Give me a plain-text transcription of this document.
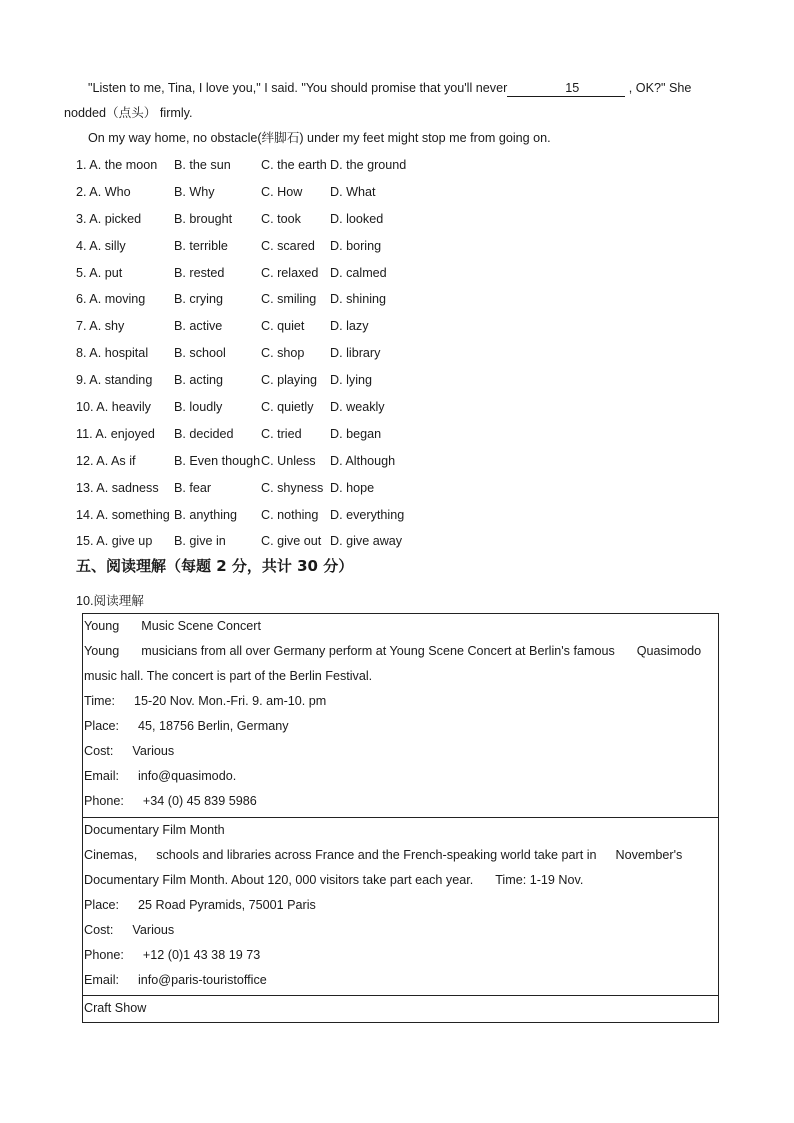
"Listen to me, Tina, I love you," I said. "You should promise that you'll never	15	, OK?" She
nodded（点头） firmly.
On my way home, no obstacle(绊脚石) under my feet might stop me from going on.
1. A. the moon B. the sun C. the earth D. the ground
2. A. Who	B. Why	C. How D. What
3. A. picked	B. brought C. took D. looked
4. A. silly	B. terrible	C. scared D. boring
5. A. put	B. rested	C. relaxed D. calmed
6. A. moving B. crying	C. smiling D. shining
7. A. shy	B. active	C. quiet D. lazy
8. A. hospital B. school	C. shop D. library
9. A. standing B. acting	C. playing D. lying
10. A. heavily B. loudly	C. quietly D. weakly
11. A. enjoyed B. decided C. tried D. began
12. A. As if	B. Even though C. Unless D. Although
13. A. sadness B. fear	C. shyness D. hope
14. A. something B. anything C. nothing D. everything
15. A. give up B. give in	C. give out D. give away
五、阅读理解（每题 2 分，共计 30 分）
10.阅读理解
Young Music Scene Concert
Young musicians from all over Germany perform at Young Scene Concert at Berlin's famous Quasimodo
music hall. The concert is part of the Berlin Festival.
Time: 15-20 Nov. Mon.-Fri. 9. am-10. pm
Place: 45, 18756 Berlin, Germany
Cost: Various
Email: info@quasimodo.
Phone: +34 (0) 45 839 5986
Documentary Film Month
Cinemas, schools and libraries across France and the French-speaking world take part in November's
Documentary Film Month. About 120, 000 visitors take part each year. Time: 1-19 Nov.
Place: 25 Road Pyramids, 75001 Paris
Cost: Various
Phone: +12 (0)1 43 38 19 73
Email: info@paris-touristoffice
Craft Show
